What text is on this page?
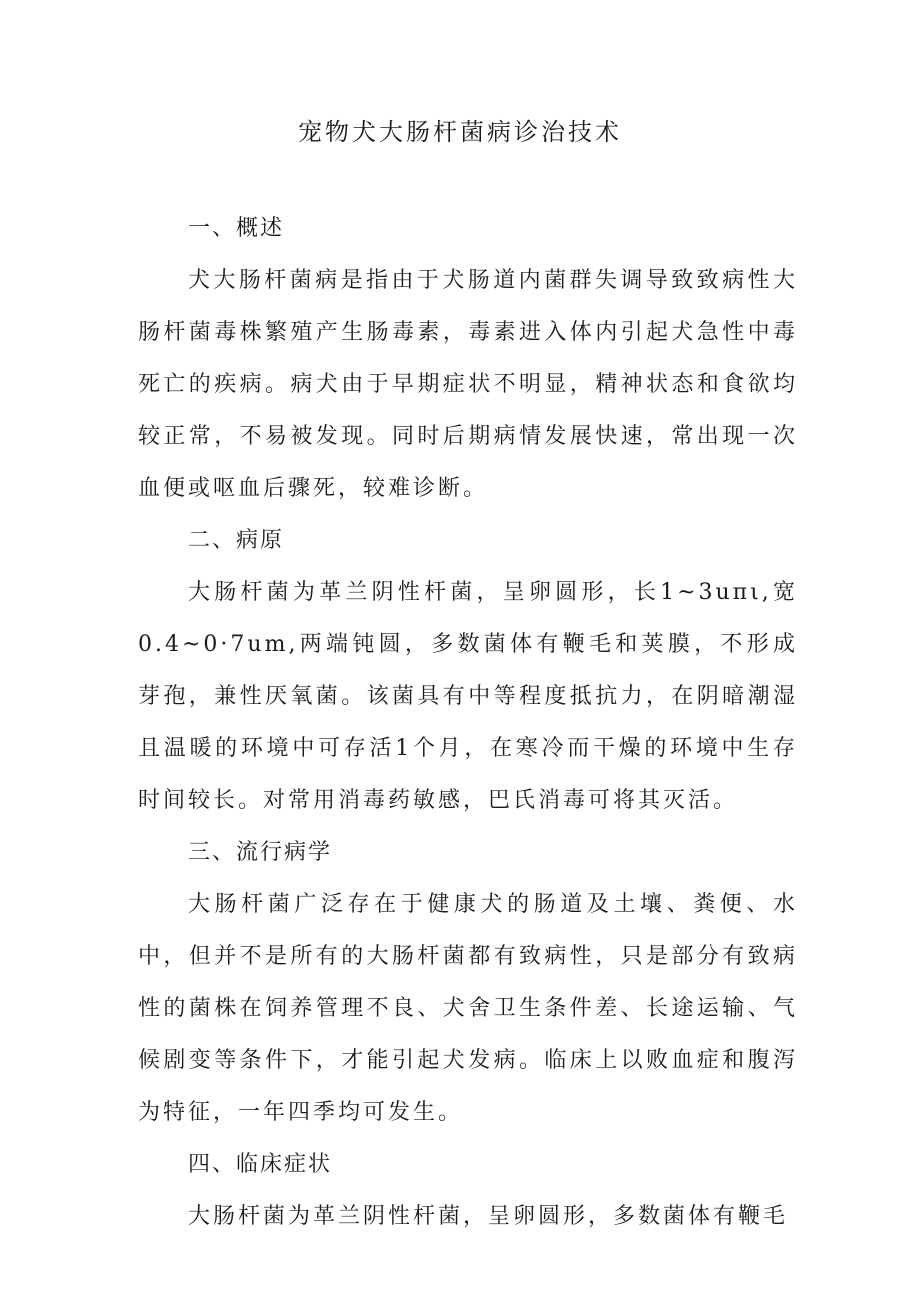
宠物犬大肠杆菌病诊治技术
一、概述

犬大肠杆菌病是指由于犬肠道内菌群失调导致致病性大肠杆菌毒株繁殖产生肠毒素，毒素进入体内引起犬急性中毒死亡的疾病。病犬由于早期症状不明显，精神状态和食欲均较正常，不易被发现。同时后期病情发展快速，常出现一次血便或呕血后骤死，较难诊断。

二、病原

大肠杆菌为革兰阴性杆菌，呈卵圆形，长1~3uπι,宽0.4~0·7um,两端钝圆，多数菌体有鞭毛和荚膜，不形成芽孢，兼性厌氧菌。该菌具有中等程度抵抗力，在阴暗潮湿且温暖的环境中可存活1个月，在寒冷而干燥的环境中生存时间较长。对常用消毒药敏感，巴氏消毒可将其灭活。

三、流行病学

大肠杆菌广泛存在于健康犬的肠道及土壤、粪便、水中，但并不是所有的大肠杆菌都有致病性，只是部分有致病性的菌株在饲养管理不良、犬舍卫生条件差、长途运输、气候剧变等条件下，才能引起犬发病。临床上以败血症和腹泻为特征，一年四季均可发生。

四、临床症状

大肠杆菌为革兰阴性杆菌，呈卵圆形，多数菌体有鞭毛
